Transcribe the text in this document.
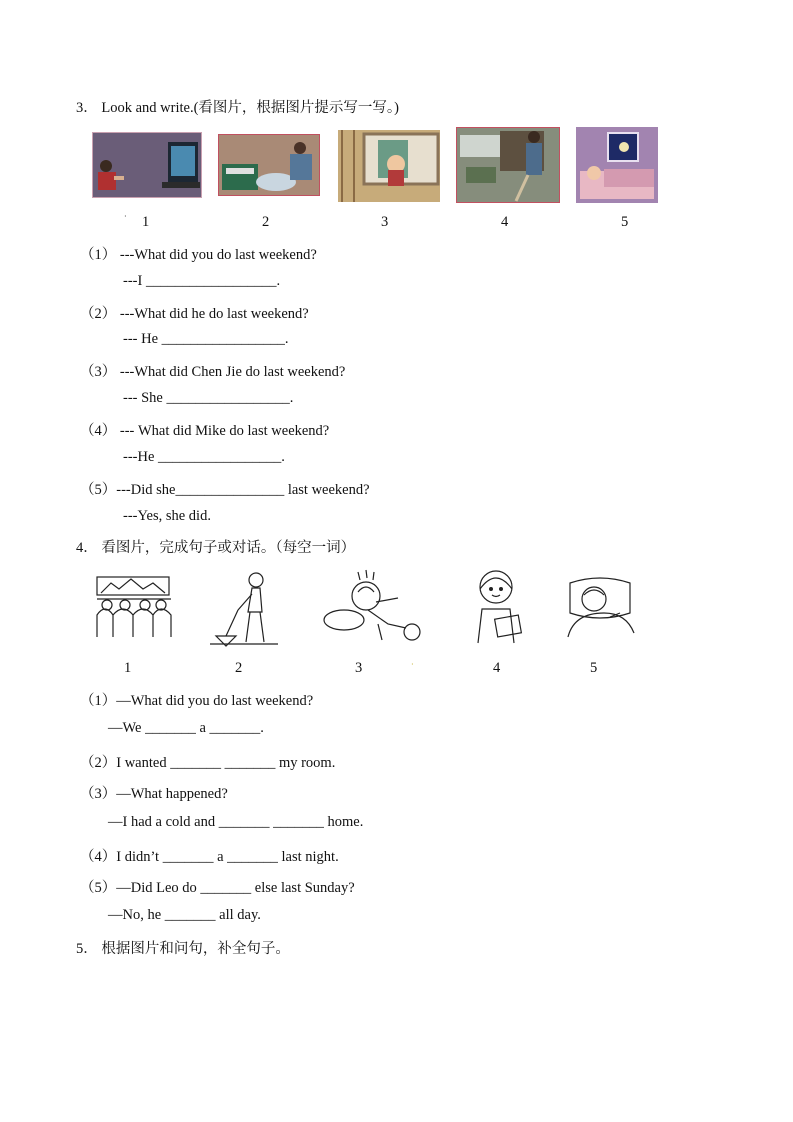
3． Look and write.(看图片，根据图片提示写一写。)
· 1	2	3	4	5
（1） ---What did you do last weekend?
---I __________________.
（2） ---What did he do last weekend?
--- He _________________.
（3） ---What did Chen Jie do last weekend?
--- She _________________.
（4） --- What did Mike do last weekend?
---He _________________.
（5）---Did she_______________ last weekend?
---Yes, she did.
4． 看图片，完成句子或对话。（每空一词）
1	2	3	·	4	5
（1）—What did you do last weekend?
—We _______ a _______.
（2）I wanted _______ _______ my room.
（3）—What happened?
—I had a cold and _______ _______ home.
（4）I didn’t _______ a _______ last night.
（5）—Did Leo do _______ else last Sunday?
—No, he _______ all day.
5． 根据图片和问句，补全句子。
